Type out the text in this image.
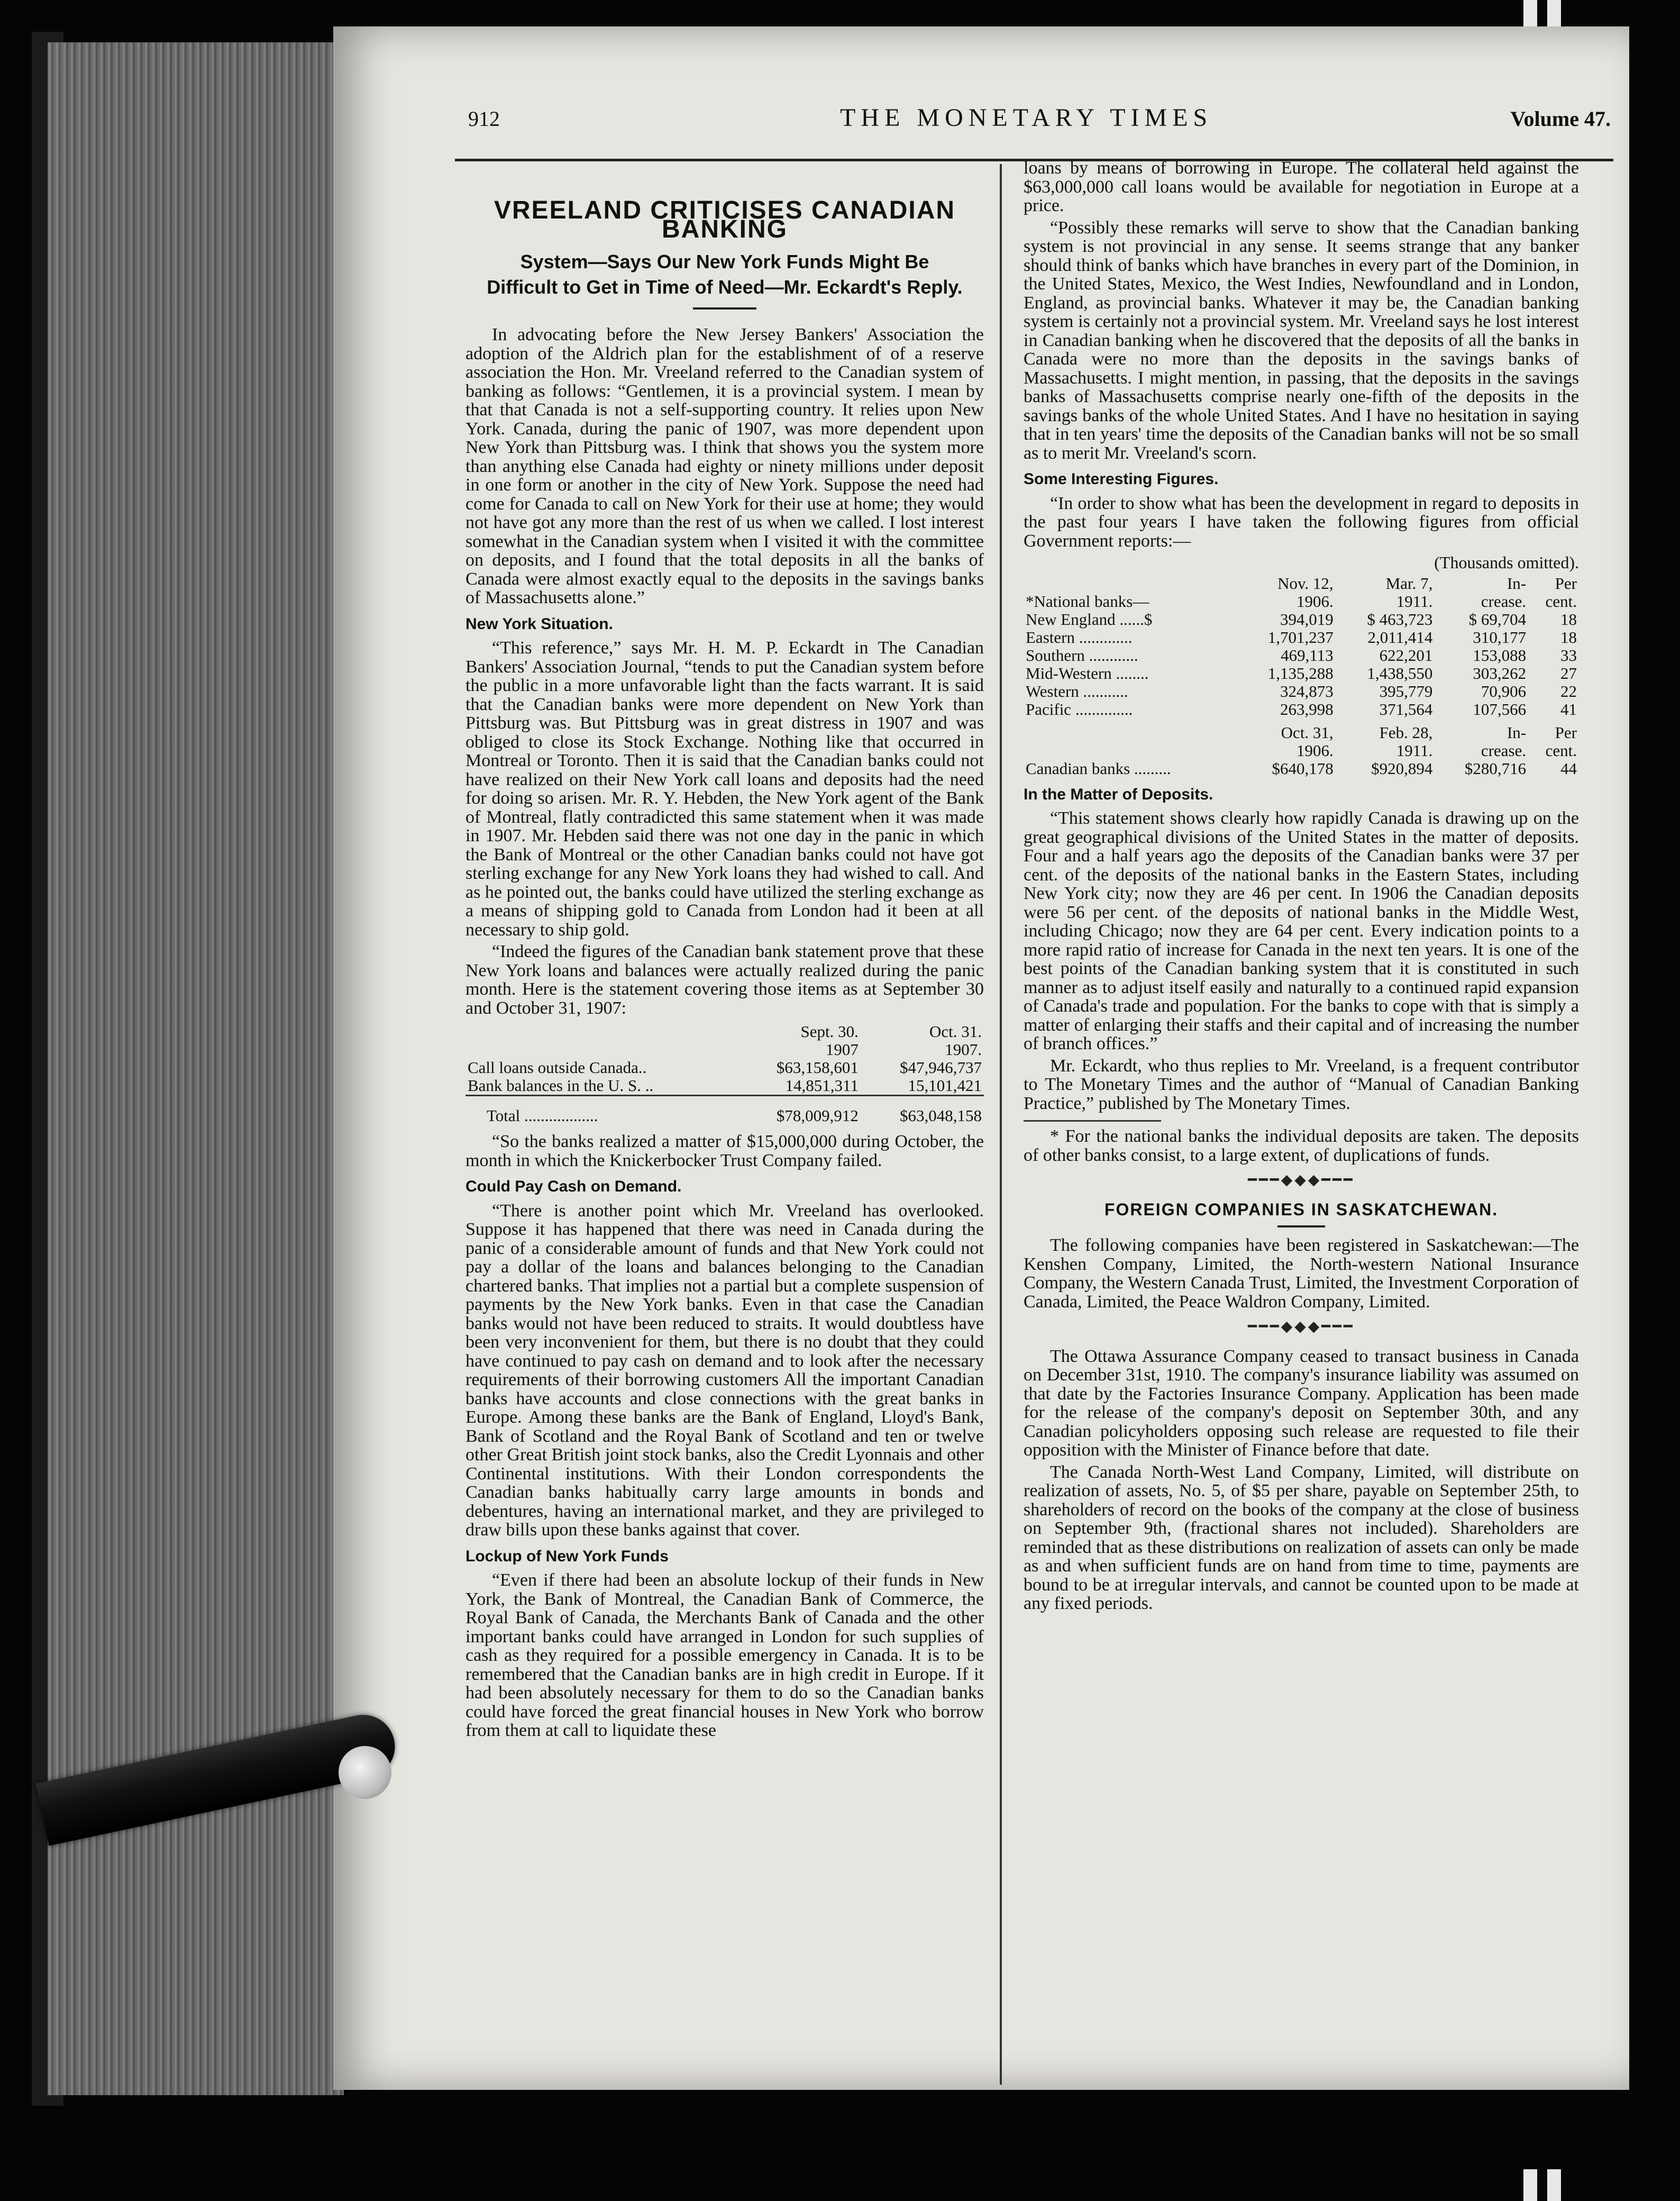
912	THE MONETARY TIMES	Volume 47.
VREELAND CRITICISES CANADIAN BANKING
System—Says Our New York Funds Might Be Difficult to Get in Time of Need—Mr. Eckardt's Reply.

In advocating before the New Jersey Bankers' Association the adoption of the Aldrich plan for the establishment of of a reserve association the Hon. Mr. Vreeland referred to the Canadian system of banking as follows: “Gentlemen, it is a provincial system. I mean by that that Canada is not a self-supporting country. It relies upon New York. Canada, during the panic of 1907, was more dependent upon New York than Pittsburg was. I think that shows you the system more than anything else Canada had eighty or ninety millions under deposit in one form or another in the city of New York. Suppose the need had come for Canada to call on New York for their use at home; they would not have got any more than the rest of us when we called. I lost interest somewhat in the Canadian system when I visited it with the committee on deposits, and I found that the total deposits in all the banks of Canada were almost exactly equal to the deposits in the savings banks of Massachusetts alone.”

New York Situation.

“This reference,” says Mr. H. M. P. Eckardt in The Canadian Bankers' Association Journal, “tends to put the Canadian system before the public in a more unfavorable light than the facts warrant. It is said that the Canadian banks were more dependent on New York than Pittsburg was. But Pittsburg was in great distress in 1907 and was obliged to close its Stock Exchange. Nothing like that occurred in Montreal or Toronto. Then it is said that the Canadian banks could not have realized on their New York call loans and deposits had the need for doing so arisen. Mr. R. Y. Hebden, the New York agent of the Bank of Montreal, flatly contradicted this same statement when it was made in 1907. Mr. Hebden said there was not one day in the panic in which the Bank of Montreal or the other Canadian banks could not have got sterling exchange for any New York loans they had wished to call. And as he pointed out, the banks could have utilized the sterling exchange as a means of shipping gold to Canada from London had it been at all necessary to ship gold.

“Indeed the figures of the Canadian bank statement prove that these New York loans and balances were actually realized during the panic month. Here is the statement covering those items as at September 30 and October 31, 1907:

	Sept. 30.	Oct. 31.
	1907	1907.
Call loans outside Canada..	$63,158,601	$47,946,737
Bank balances in the U. S. ..	14,851,311	15,101,421

Total ..................	$78,009,912	$63,048,158

“So the banks realized a matter of $15,000,000 during October, the month in which the Knickerbocker Trust Company failed.

Could Pay Cash on Demand.

“There is another point which Mr. Vreeland has overlooked. Suppose it has happened that there was need in Canada during the panic of a considerable amount of funds and that New York could not pay a dollar of the loans and balances belonging to the Canadian chartered banks. That implies not a partial but a complete suspension of payments by the New York banks. Even in that case the Canadian banks would not have been reduced to straits. It would doubtless have been very inconvenient for them, but there is no doubt that they could have continued to pay cash on demand and to look after the necessary requirements of their borrowing customers All the important Canadian banks have accounts and close connections with the great banks in Europe. Among these banks are the Bank of England, Lloyd's Bank, Bank of Scotland and the Royal Bank of Scotland and ten or twelve other Great British joint stock banks, also the Credit Lyonnais and other Continental institutions. With their London correspondents the Canadian banks habitually carry large amounts in bonds and debentures, having an international market, and they are privileged to draw bills upon these banks against that cover.

Lockup of New York Funds

“Even if there had been an absolute lockup of their funds in New York, the Bank of Montreal, the Canadian Bank of Commerce, the Royal Bank of Canada, the Merchants Bank of Canada and the other important banks could have arranged in London for such supplies of cash as they required for a possible emergency in Canada. It is to be remembered that the Canadian banks are in high credit in Europe. If it had been absolutely necessary for them to do so the Canadian banks could have forced the great financial houses in New York who borrow from them at call to liquidate these

loans by means of borrowing in Europe. The collateral held against the $63,000,000 call loans would be available for negotiation in Europe at a price.

“Possibly these remarks will serve to show that the Canadian banking system is not provincial in any sense. It seems strange that any banker should think of banks which have branches in every part of the Dominion, in the United States, Mexico, the West Indies, Newfoundland and in London, England, as provincial banks. Whatever it may be, the Canadian banking system is certainly not a provincial system. Mr. Vreeland says he lost interest in Canadian banking when he discovered that the deposits of all the banks in Canada were no more than the deposits in the savings banks of Massachusetts. I might mention, in passing, that the deposits in the savings banks of Massachusetts comprise nearly one-fifth of the deposits in the savings banks of the whole United States. And I have no hesitation in saying that in ten years' time the deposits of the Canadian banks will not be so small as to merit Mr. Vreeland's scorn.

Some Interesting Figures.

“In order to show what has been the development in regard to deposits in the past four years I have taken the following figures from official Government reports:—

(Thousands omitted).
	Nov. 12,	Mar. 7,	In-	Per
*National banks—	1906.	1911.	crease.	cent.
New England ......$	394,019	$ 463,723	$ 69,704	18
Eastern .............	1,701,237	2,011,414	310,177	18
Southern ............	469,113	622,201	153,088	33
Mid-Western ........	1,135,288	1,438,550	303,262	27
Western ...........	324,873	395,779	70,906	22
Pacific ..............	263,998	371,564	107,566	41
	Oct. 31,	Feb. 28,	In-	Per
	1906.	1911.	crease.	cent.
Canadian banks .........	$640,178	$920,894	$280,716	44
In the Matter of Deposits.

“This statement shows clearly how rapidly Canada is drawing up on the great geographical divisions of the United States in the matter of deposits. Four and a half years ago the deposits of the Canadian banks were 37 per cent. of the deposits of the national banks in the Eastern States, including New York city; now they are 46 per cent. In 1906 the Canadian deposits were 56 per cent. of the deposits of national banks in the Middle West, including Chicago; now they are 64 per cent. Every indication points to a more rapid ratio of increase for Canada in the next ten years. It is one of the best points of the Canadian banking system that it is constituted in such manner as to adjust itself easily and naturally to a continued rapid expansion of Canada's trade and population. For the banks to cope with that is simply a matter of enlarging their staffs and their capital and of increasing the number of branch offices.”

Mr. Eckardt, who thus replies to Mr. Vreeland, is a frequent contributor to The Monetary Times and the author of “Manual of Canadian Banking Practice,” published by The Monetary Times.

* For the national banks the individual deposits are taken. The deposits of other banks consist, to a large extent, of duplications of funds.

━━━◆◆◆━━━
FOREIGN COMPANIES IN SASKATCHEWAN.

The following companies have been registered in Saskatchewan:—The Kenshen Company, Limited, the North-western National Insurance Company, the Western Canada Trust, Limited, the Investment Corporation of Canada, Limited, the Peace Waldron Company, Limited.

━━━◆◆◆━━━

The Ottawa Assurance Company ceased to transact business in Canada on December 31st, 1910. The company's insurance liability was assumed on that date by the Factories Insurance Company. Application has been made for the release of the company's deposit on September 30th, and any Canadian policyholders opposing such release are requested to file their opposition with the Minister of Finance before that date.

The Canada North-West Land Company, Limited, will distribute on realization of assets, No. 5, of $5 per share, payable on September 25th, to shareholders of record on the books of the company at the close of business on September 9th, (fractional shares not included). Shareholders are reminded that as these distributions on realization of assets can only be made as and when sufficient funds are on hand from time to time, payments are bound to be at irregular intervals, and cannot be counted upon to be made at any fixed periods.
